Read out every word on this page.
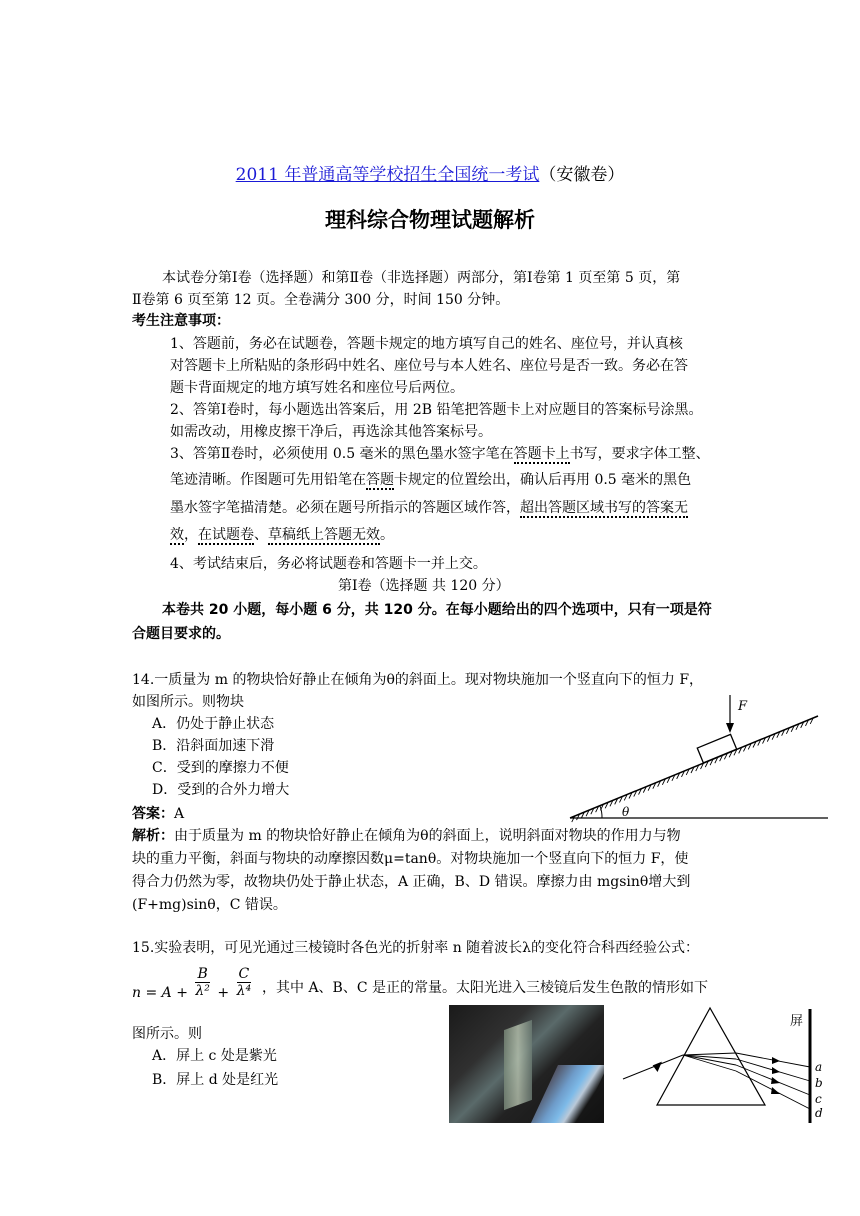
2011 年普通高等学校招生全国统一考试（安徽卷）
理科综合物理试题解析
本试卷分第Ⅰ卷（选择题）和第Ⅱ卷（非选择题）两部分，第Ⅰ卷第 1 页至第 5 页，第
Ⅱ卷第 6 页至第 12 页。全卷满分 300 分，时间 150 分钟。
考生注意事项：
1、答题前，务必在试题卷，答题卡规定的地方填写自己的姓名、座位号，并认真核
对答题卡上所粘贴的条形码中姓名、座位号与本人姓名、座位号是否一致。务必在答
题卡背面规定的地方填写姓名和座位号后两位。
2、答第Ⅰ卷时，每小题选出答案后，用 2B 铅笔把答题卡上对应题目的答案标号涂黑。
如需改动，用橡皮擦干净后，再选涂其他答案标号。
3、答第Ⅱ卷时，必须使用 0.5 毫米的黑色墨水签字笔在答题卡上书写，要求字体工整、
笔迹清晰。作图题可先用铅笔在答题卡规定的位置绘出，确认后再用 0.5 毫米的黑色
墨水签字笔描清楚。必须在题号所指示的答题区域作答，超出答题区域书写的答案无
效，在试题卷、草稿纸上答题无效。
4、考试结束后，务必将试题卷和答题卡一并上交。
第Ⅰ卷（选择题 共 120 分）
本卷共 20 小题，每小题 6 分，共 120 分。在每小题给出的四个选项中，只有一项是符
合题目要求的。
14.一质量为 m 的物块恰好静止在倾角为θ的斜面上。现对物块施加一个竖直向下的恒力 F，
如图所示。则物块
A．仍处于静止状态
B．沿斜面加速下滑
C．受到的摩擦力不便
D．受到的合外力增大
答案：A
解析：由于质量为 m 的物块恰好静止在倾角为θ的斜面上，说明斜面对物块的作用力与物
块的重力平衡，斜面与物块的动摩擦因数μ=tanθ。对物块施加一个竖直向下的恒力 F，使
得合力仍然为零，故物块仍处于静止状态，A 正确，B、D 错误。摩擦力由 mgsinθ增大到
(F+mg)sinθ，C 错误。
F
θ
15.实验表明，可见光通过三棱镜时各色光的折射率 n 随着波长λ的变化符合科西经验公式：
$n = A + \frac{B}{\text{λ²}} + \frac{C}{\text{λ⁴}}$ ，其中 A、B、C 是正的常量。太阳光进入三棱镜后发生色散的情形如下
图所示。则
A．屏上 c 处是紫光
B．屏上 d 处是红光
屏
a
b
c
d
